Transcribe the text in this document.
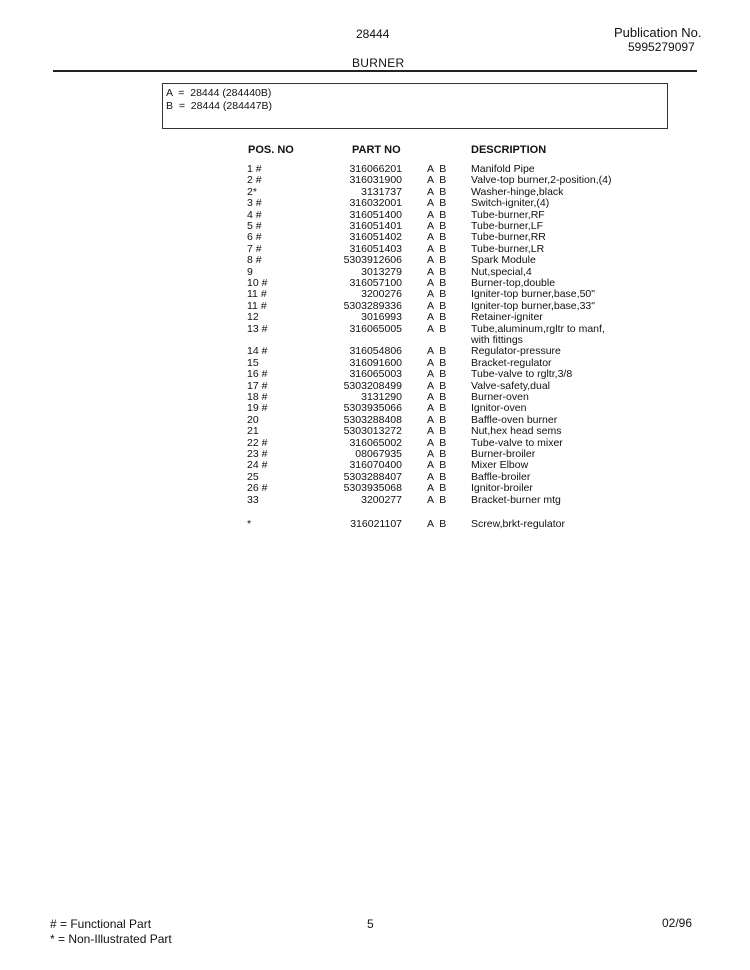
28444	Publication No.
5995279097
BURNER
A  =  28444 (284440B)
B  =  28444 (284447B)
POS. NO	PART NO	DESCRIPTION
1 #	316066201 A  B Manifold Pipe
2 #	316031900 A  B Valve-top burner,2-position,(4)
2*	3131737 A  B Washer-hinge,black
3 #	316032001 A  B Switch-igniter,(4)
4 #	316051400 A  B Tube-burner,RF
5 #	316051401 A  B Tube-burner,LF
6 #	316051402 A  B Tube-burner,RR
7 #	316051403 A  B Tube-burner,LR
8 #	5303912606 A  B Spark Module
9	3013279 A  B Nut,special,4
10 #	316057100 A  B Burner-top,double
11 #	3200276 A  B Igniter-top burner,base,50"
11 #	5303289336 A  B Igniter-top burner,base,33"
12	3016993 A  B Retainer-igniter
13 #	316065005 A  B Tube,aluminum,rgltr to manf,
with fittings
14 #	316054806 A  B Regulator-pressure
15	316091600 A  B Bracket-regulator
16 #	316065003 A  B Tube-valve to rgltr,3/8
17 #	5303208499 A  B Valve-safety,dual
18 #	3131290 A  B Burner-oven
19 #	5303935066 A  B Ignitor-oven
20	5303288408 A  B Baffle-oven burner
21	5303013272 A  B Nut,hex head sems
22 #	316065002 A  B Tube-valve to mixer
23 #	08067935 A  B Burner-broiler
24 #	316070400 A  B Mixer Elbow
25	5303288407 A  B Baffle-broiler
26 #	5303935068 A  B Ignitor-broiler
33	3200277 A  B Bracket-burner mtg
*	316021107 A  B Screw,brkt-regulator
# = Functional Part
* = Non-Illustrated Part
5	02/96
